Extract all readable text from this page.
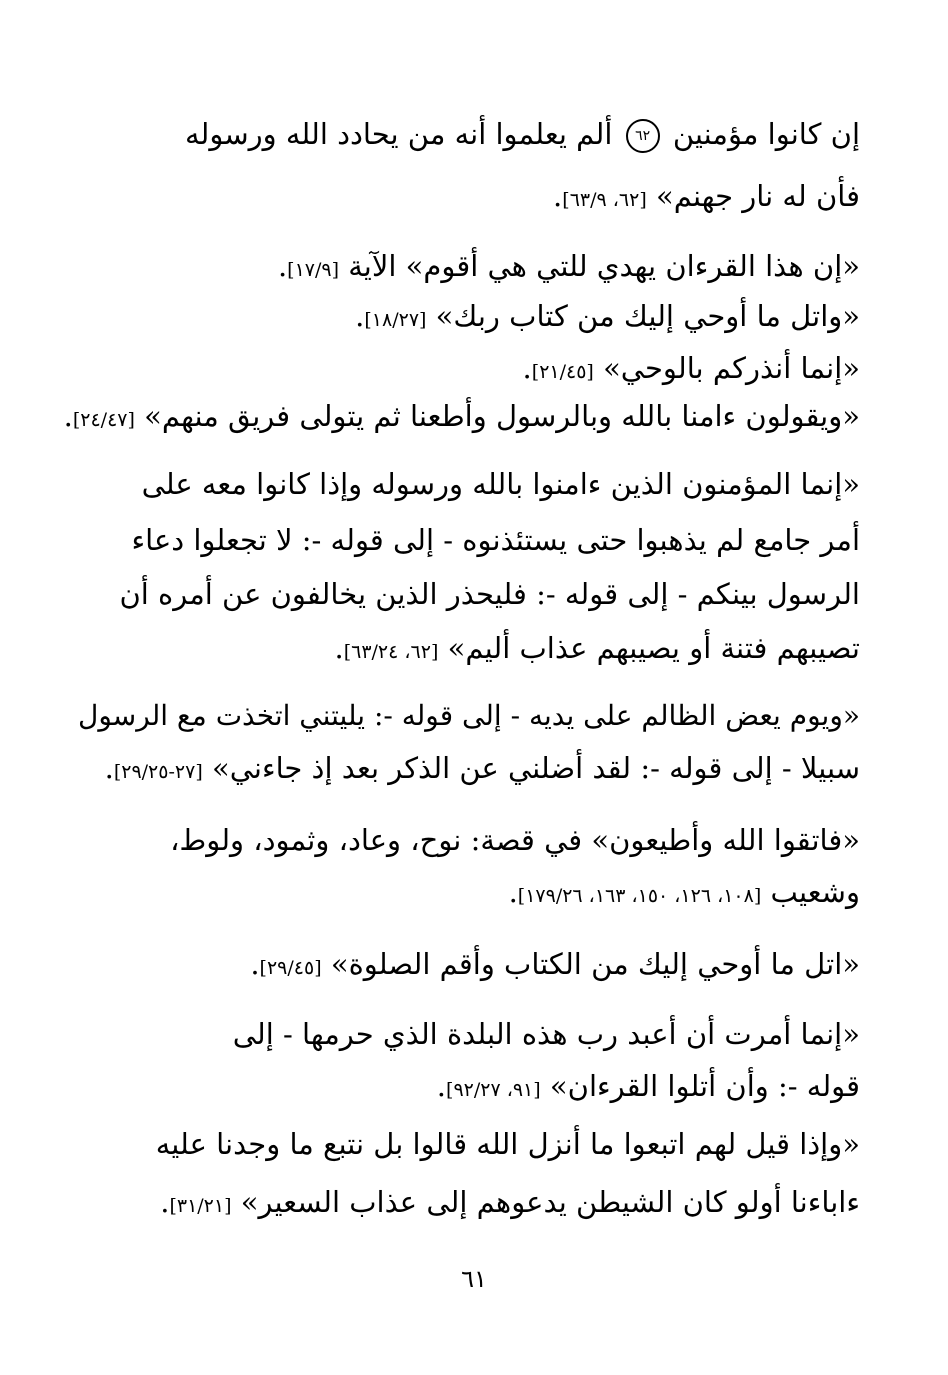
إن كانوا مؤمنين ٦٢ ألم يعلموا أنه من يحادد الله ورسوله
فأن له نار جهنم» [٦٢، ٦٣/٩].
«إن هذا القرءان يهدي للتي هي أقوم» الآية [١٧/٩].
«واتل ما أوحي إليك من كتاب ربك» [١٨/٢٧].
«إنما أنذركم بالوحي» [٢١/٤٥].
«ويقولون ءامنا بالله وبالرسول وأطعنا ثم يتولى فريق منهم» [٢٤/٤٧].
«إنما المؤمنون الذين ءامنوا بالله ورسوله وإذا كانوا معه على
أمر جامع لم يذهبوا حتى يستئذنوه - إلى قوله -: لا تجعلوا دعاء
الرسول بينكم - إلى قوله -: فليحذر الذين يخالفون عن أمره أن
تصيبهم فتنة أو يصيبهم عذاب أليم» [٦٢، ٦٣/٢٤].
«ويوم يعض الظالم على يديه - إلى قوله -: يليتني اتخذت مع الرسول
سبيلا - إلى قوله -: لقد أضلني عن الذكر بعد إذ جاءني» [٢٧-٢٩/٢٥].
«فاتقوا الله وأطيعون» في قصة: نوح، وعاد، وثمود، ولوط،
وشعيب [١٠٨، ١٢٦، ١٥٠، ١٦٣، ١٧٩/٢٦].
«اتل ما أوحي إليك من الكتاب وأقم الصلوة» [٢٩/٤٥].
«إنما أمرت أن أعبد رب هذه البلدة الذي حرمها - إلى
قوله -: وأن أتلوا القرءان» [٩١، ٩٢/٢٧].
«وإذا قيل لهم اتبعوا ما أنزل الله قالوا بل نتبع ما وجدنا عليه
ءاباءنا أولو كان الشيطن يدعوهم إلى عذاب السعير» [٣١/٢١].
٦١
